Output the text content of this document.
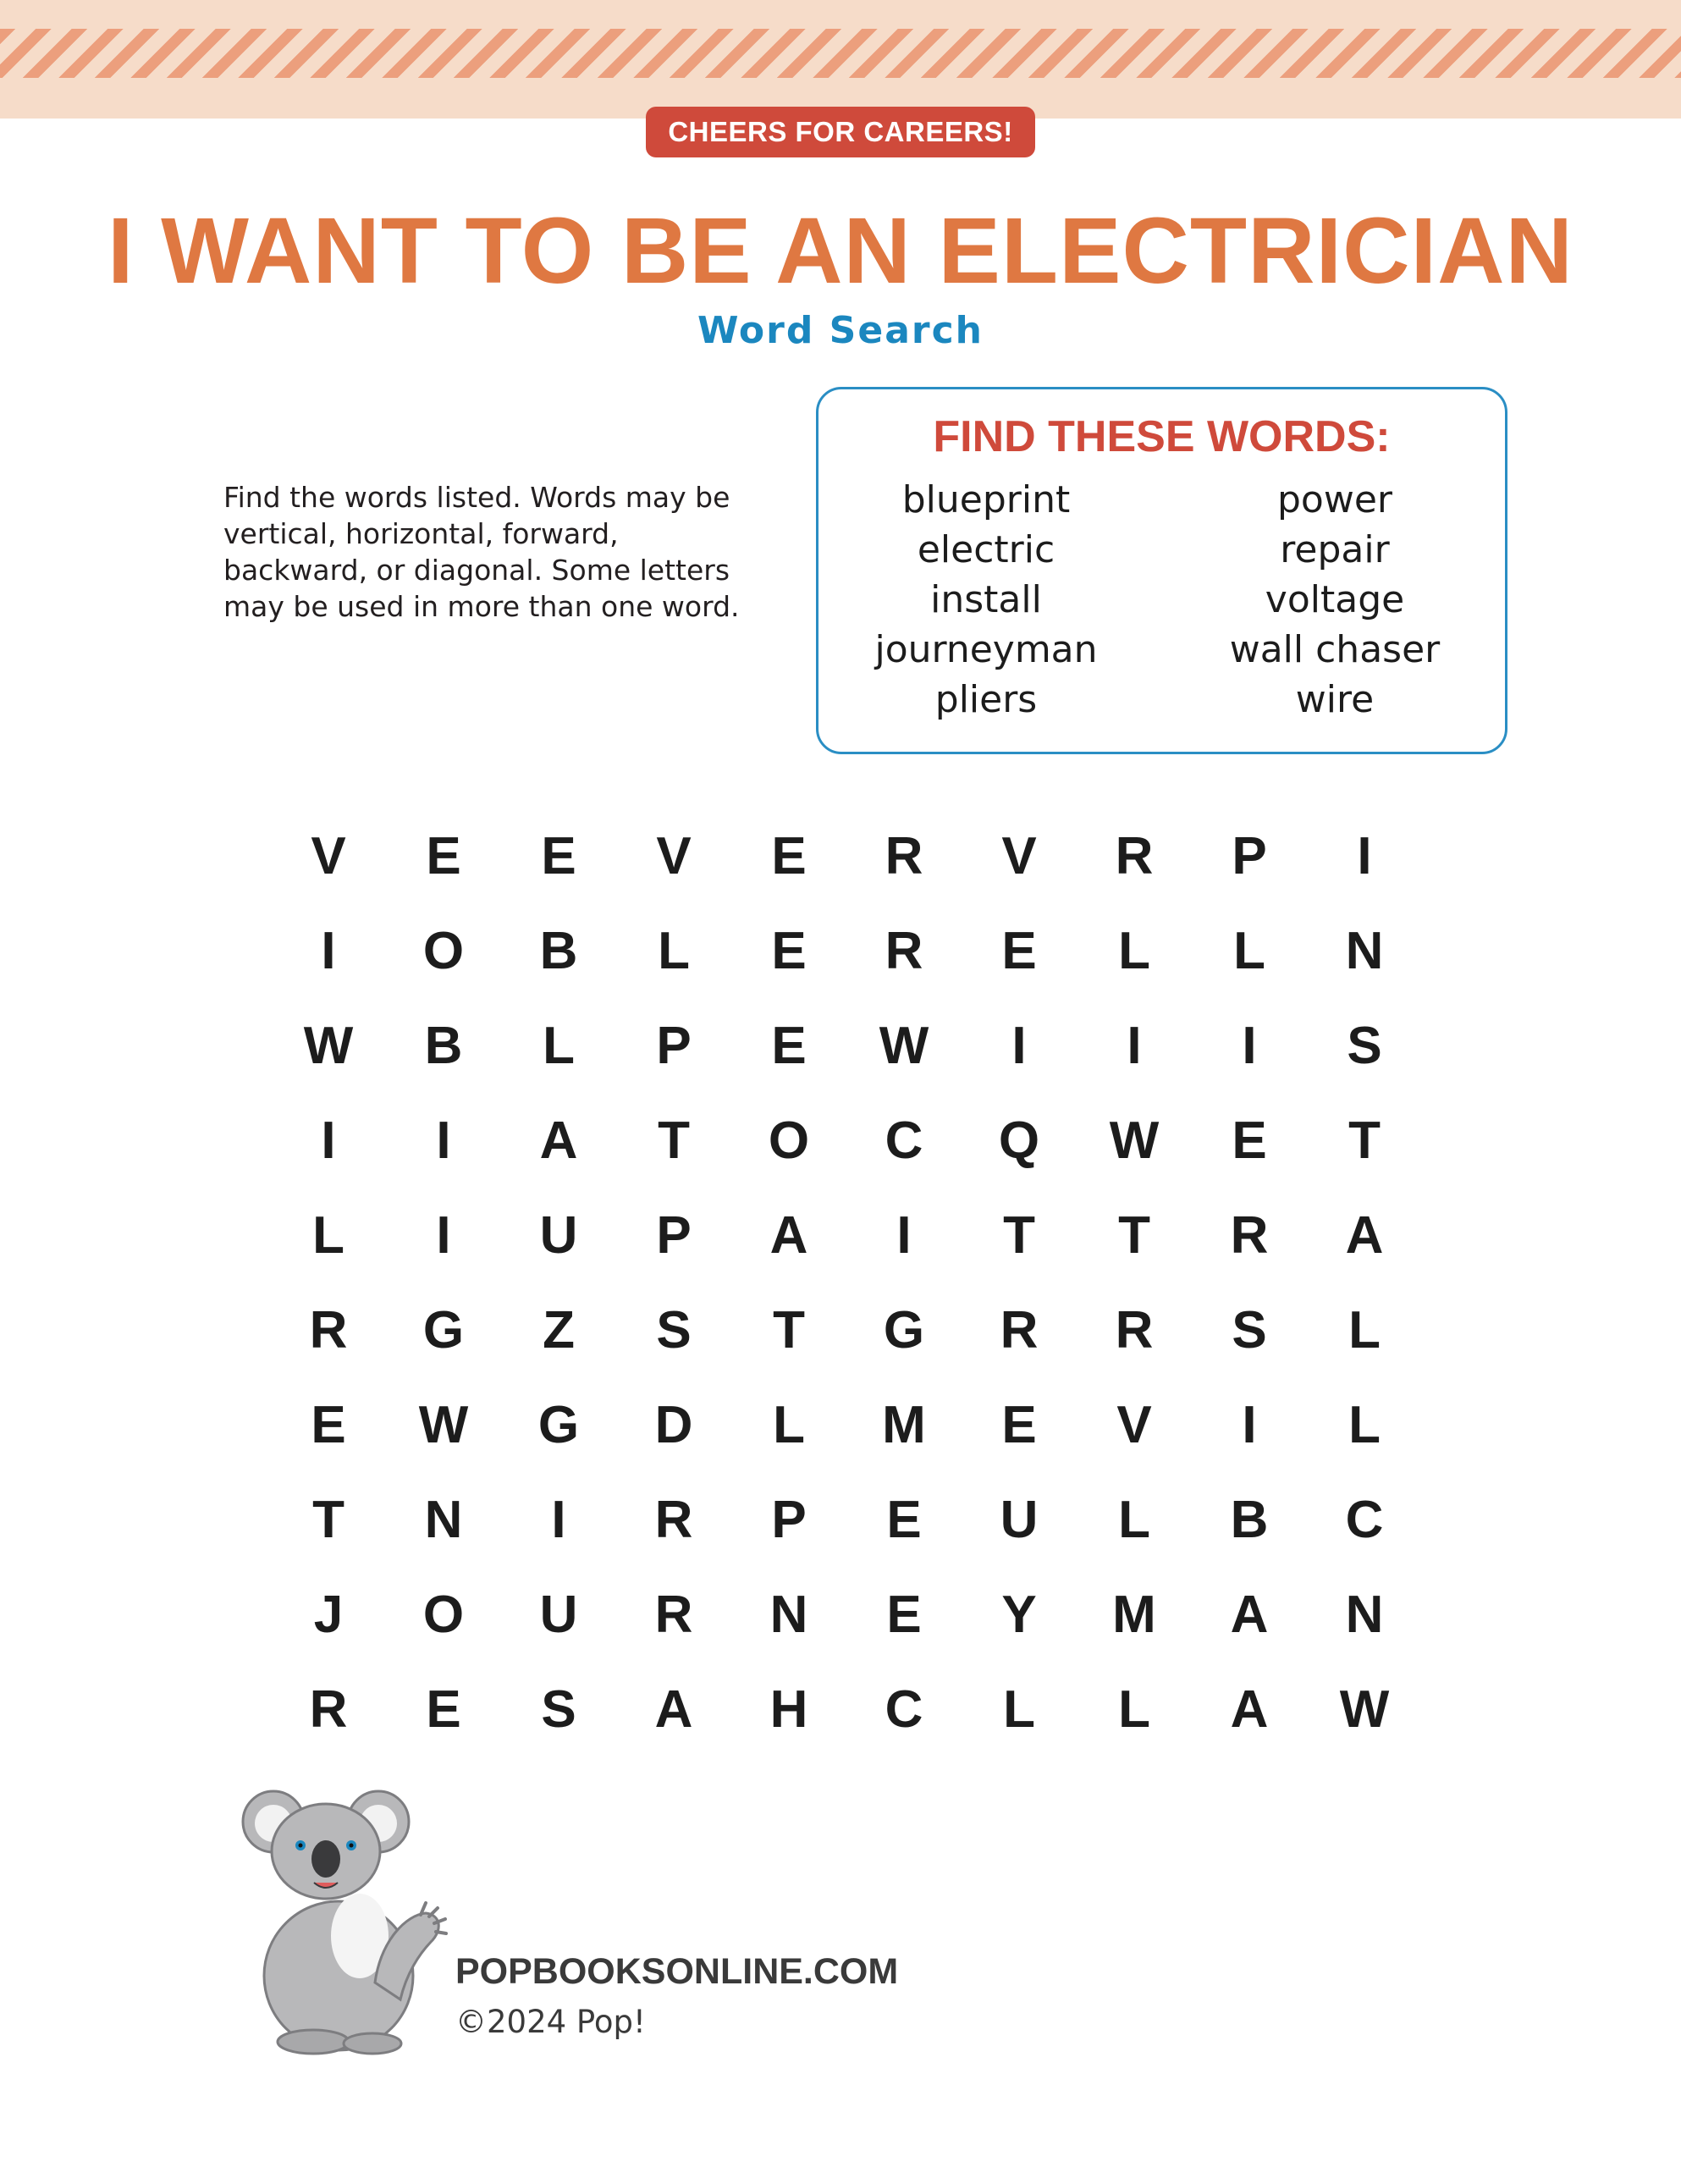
CHEERS FOR CAREERS!
I WANT TO BE AN ELECTRICIAN
Word Search
Find the words listed. Words may be vertical, horizontal, forward, backward, or diagonal. Some letters may be used in more than one word.
FIND THESE WORDS:
blueprint
electric
install
journeyman
pliers
power
repair
voltage
wall chaser
wire
V	E	E	V	E	R	V	R	P	I
I	O	B	L	E	R	E	L	L	N
W	B	L	P	E	W	I	I	I	S
I	I	A	T	O	C	Q	W	E	T
L	I	U	P	A	I	T	T	R	A
R	G	Z	S	T	G	R	R	S	L
E	W	G	D	L	M	E	V	I	L
T	N	I	R	P	E	U	L	B	C
J	O	U	R	N	E	Y	M	A	N
R	E	S	A	H	C	L	L	A	W
POPBOOKSONLINE.COM
©2024 Pop!
